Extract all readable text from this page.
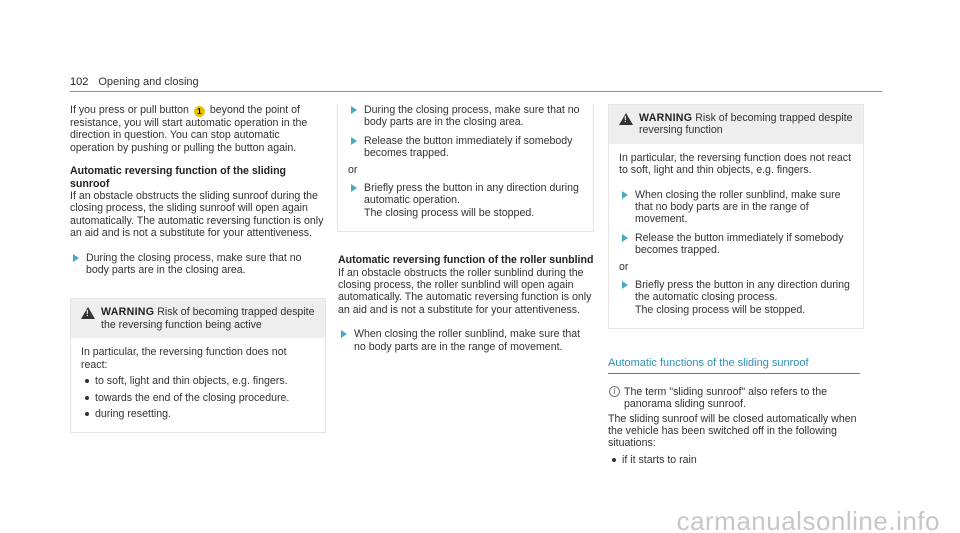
102 Opening and closing

If you press or pull button 1 beyond the point of resistance, you will start automatic operation in the direction in question. You can stop automatic operation by pushing or pulling the button again.

Automatic reversing function of the sliding sunroof

If an obstacle obstructs the sliding sunroof during the closing process, the sliding sunroof will open again automatically. The automatic reversing function is only an aid and is not a substitute for your attentiveness.

During the closing process, make sure that no body parts are in the closing area.
!
WARNING Risk of becoming trapped despite the reversing function being active

In particular, the reversing function does not react:

to soft, light and thin objects, e.g. fingers.
towards the end of the closing procedure.
during resetting.
During the closing process, make sure that no body parts are in the closing area.
Release the button immediately if somebody becomes trapped.

or

Briefly press the button in any direction during automatic operation.
The closing process will be stopped.

Automatic reversing function of the roller sunblind

If an obstacle obstructs the roller sunblind during the closing process, the roller sunblind will open again automatically. The automatic reversing function is only an aid and is not a substitute for your attentiveness.

When closing the roller sunblind, make sure that no body parts are in the range of movement.
!
WARNING Risk of becoming trapped despite reversing function

In particular, the reversing function does not react to soft, light and thin objects, e.g. fingers.

When closing the roller sunblind, make sure that no body parts are in the range of movement.
Release the button immediately if somebody becomes trapped.

or

Briefly press the button in any direction during the automatic closing process.
The closing process will be stopped.

Automatic functions of the sliding sunroof

i The term "sliding sunroof" also refers to the panorama sliding sunroof.

The sliding sunroof will be closed automatically when the vehicle has been switched off in the following situations:

if it starts to rain
carmanualsonline.info
